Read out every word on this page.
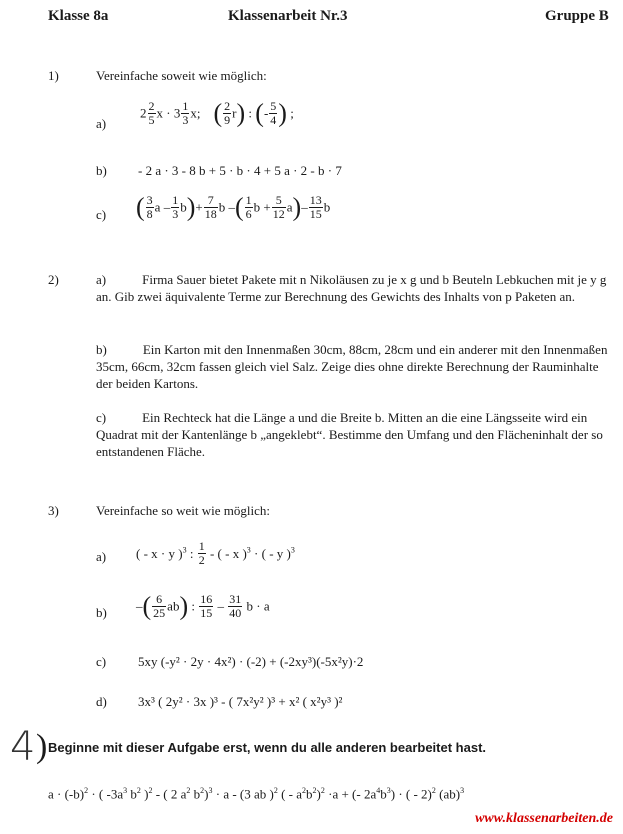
Klasse 8a	Klassenarbeit Nr.3	Gruppe B
1)	Vereinfache soweit wie möglich:
a)
$2 \frac{2}{5}$ $x \cdot 3 \frac{1}{3} x$;    ( $\frac{2}{9} r$) : (- $\frac{5}{4}$ ) ;
b) - 2 a · 3 - 8 b + 5 · b · 4 + 5 a · 2 - b · 7
c) ( $\frac{3}{8}$ $a - \frac{1}{3} b)+ \frac{7}{18}$ b –( $\frac{1}{6}$ $b + \frac{5}{12} a)- \frac{13}{15}$ b
2)	a)	Firma Sauer bietet Pakete mit n Nikoläusen zu je x g und b Beuteln Lebkuchen mit je y g an. Gib zwei äquivalente Terme zur Berechnung des Gewichts des Inhalts von p Paketen an.
b)	Ein Karton mit den Innenmaßen 30cm, 88cm, 28cm und ein anderer mit den Innenmaßen 35cm, 66cm, 32cm fassen gleich viel Salz. Zeige dies ohne direkte Berechnung der Rauminhalte der beiden Kartons.
c)	Ein Rechteck hat die Länge a und die Breite b. Mitten an die eine Längsseite wird ein Quadrat mit der Kantenlänge b „angeklebt“. Bestimme den Umfang und den Flächeninhalt der so entstandenen Fläche.
3)	Vereinfache so weit wie möglich:
a) ( - x · y )$^3$ : $\frac{1}{2}$ - ( - x )$^3$ · ( - y )$^3$
b) –( $\frac{6}{25} ab$) : $\frac{16}{15} - \frac{31}{40}$ b · a
c) 5xy (-y² · 2y · 4x²) · (-2) + (-2xy³)(-5x²y)·2
d) 3x³ ( 2y² · 3x )³ - ( 7x²y² )³ + x² ( x²y³ )²
4 ) Beginne mit dieser Aufgabe erst, wenn du alle anderen bearbeitet hast.
$a \cdot (-b)^2$ · ( $-3a^3$ $b^2$ )$^2$ - ( 2 $a^2$ $b^2)^3 \cdot a - (3$ ab )$^2$ ( - $a^2b^2)^2 \cdot a$ + (- $2a^4b^3$) · ( - 2)$^2$ (ab)$^3$
www.klassenarbeiten.de
